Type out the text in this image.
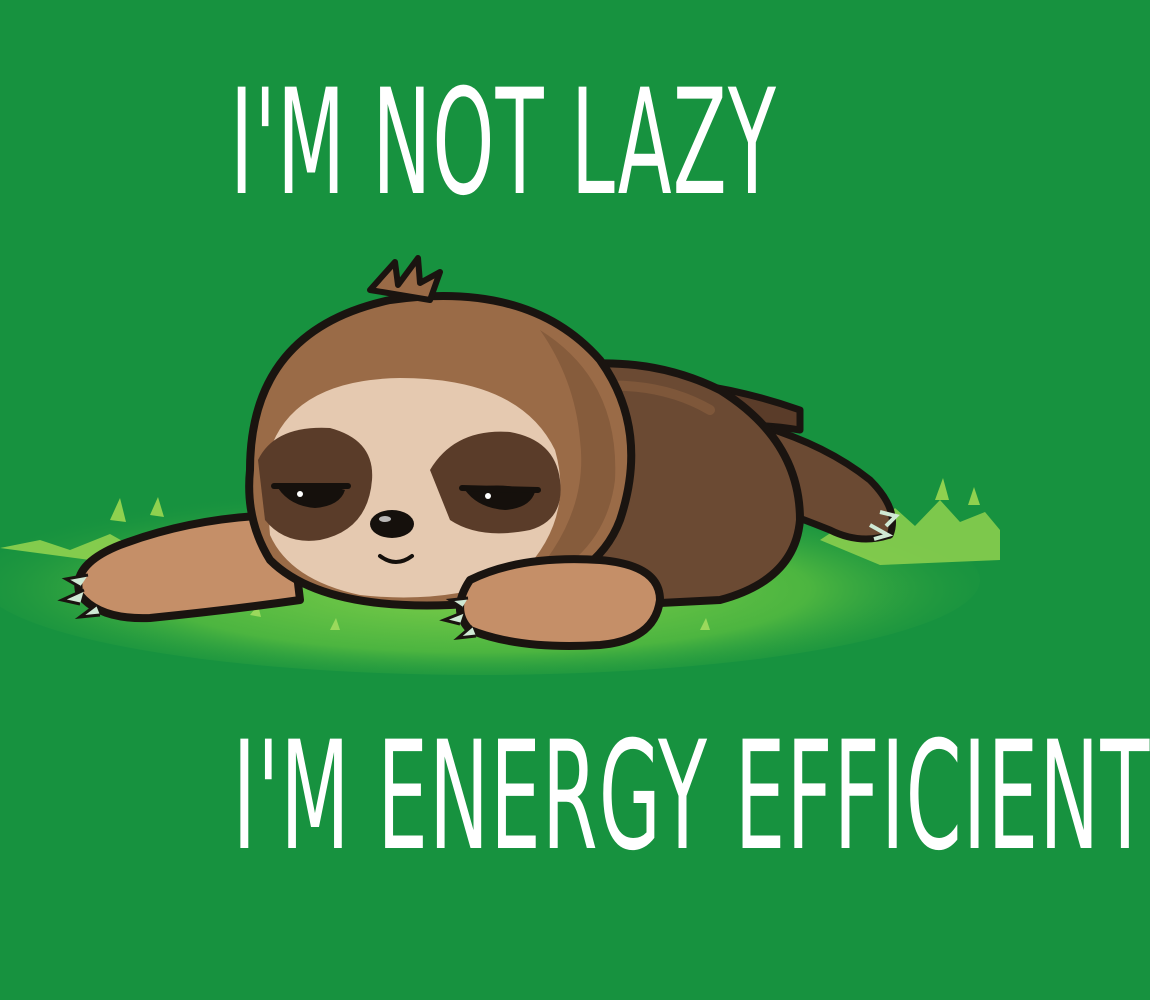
I'M NOT LAZY
I'M ENERGY EFFICIENT
